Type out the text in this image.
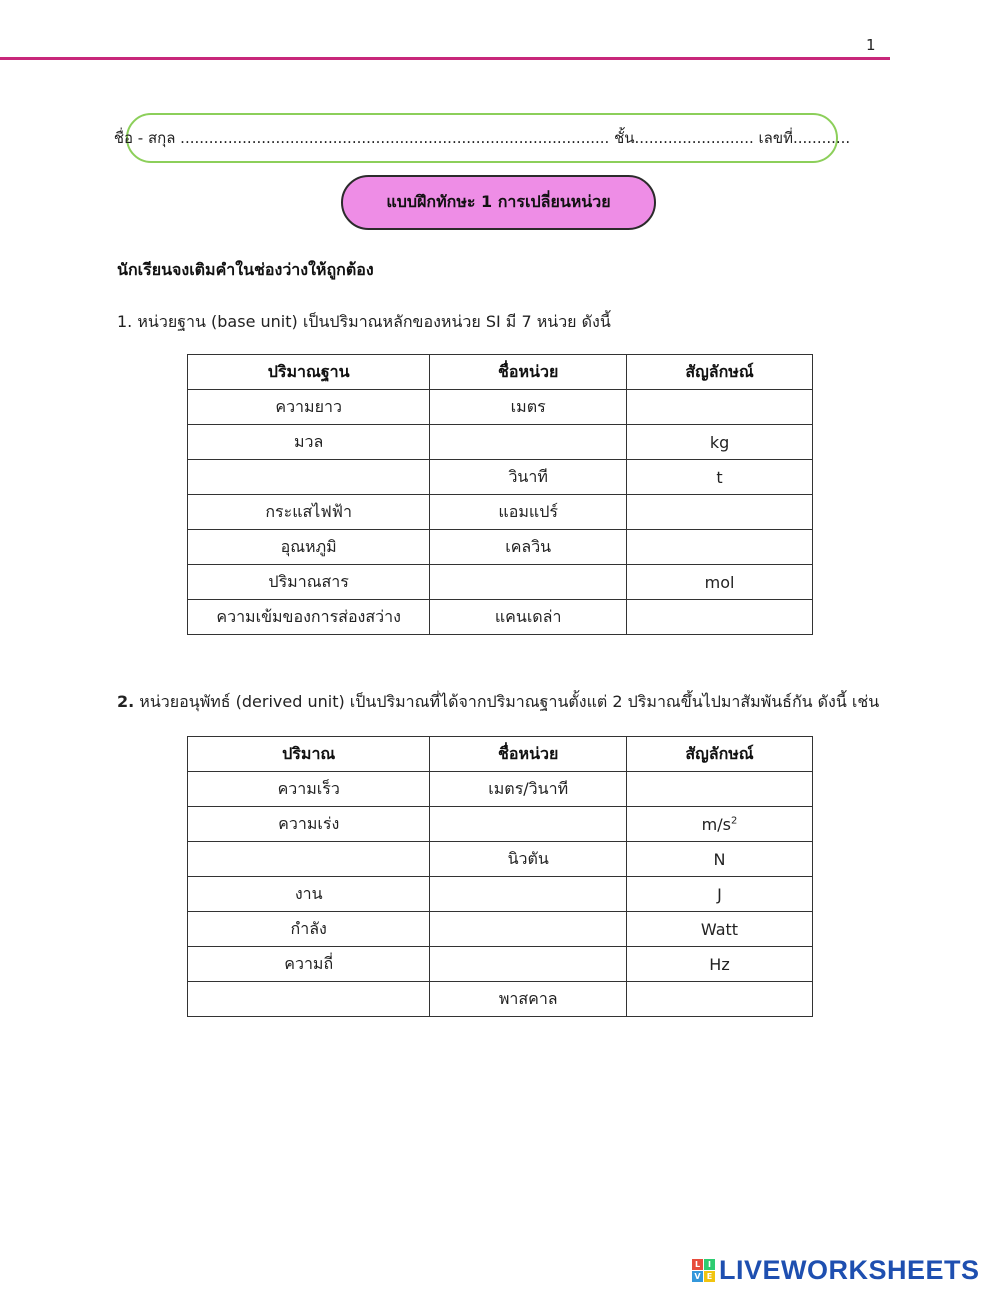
1
ชื่อ - สกุล
..........................................................................................
ชั้น .........................
เลขที่ ............
แบบฝึกทักษะ 1 การเปลี่ยนหน่วย
นักเรียนจงเติมคำในช่องว่างให้ถูกต้อง
1. หน่วยฐาน (base unit) เป็นปริมาณหลักของหน่วย SI มี 7 หน่วย ดังนี้
ปริมาณฐาน	ชื่อหน่วย	สัญลักษณ์
ความยาว	เมตร	
มวล		kg
	วินาที	t
กระแสไฟฟ้า	แอมแปร์	
อุณหภูมิ	เคลวิน	
ปริมาณสาร		mol
ความเข้มของการส่องสว่าง	แคนเดล่า	
2. หน่วยอนุพัทธ์ (derived unit) เป็นปริมาณที่ได้จากปริมาณฐานตั้งแต่ 2 ปริมาณขึ้นไปมาสัมพันธ์กัน ดังนี้ เช่น
ปริมาณ	ชื่อหน่วย	สัญลักษณ์
ความเร็ว	เมตร/วินาที	
ความเร่ง		$m/s^2$
	นิวตัน	N
งาน		J
กำลัง		Watt
ความถี่		Hz
	พาสคาล	
L I
V E LIVEWORKSHEETS
